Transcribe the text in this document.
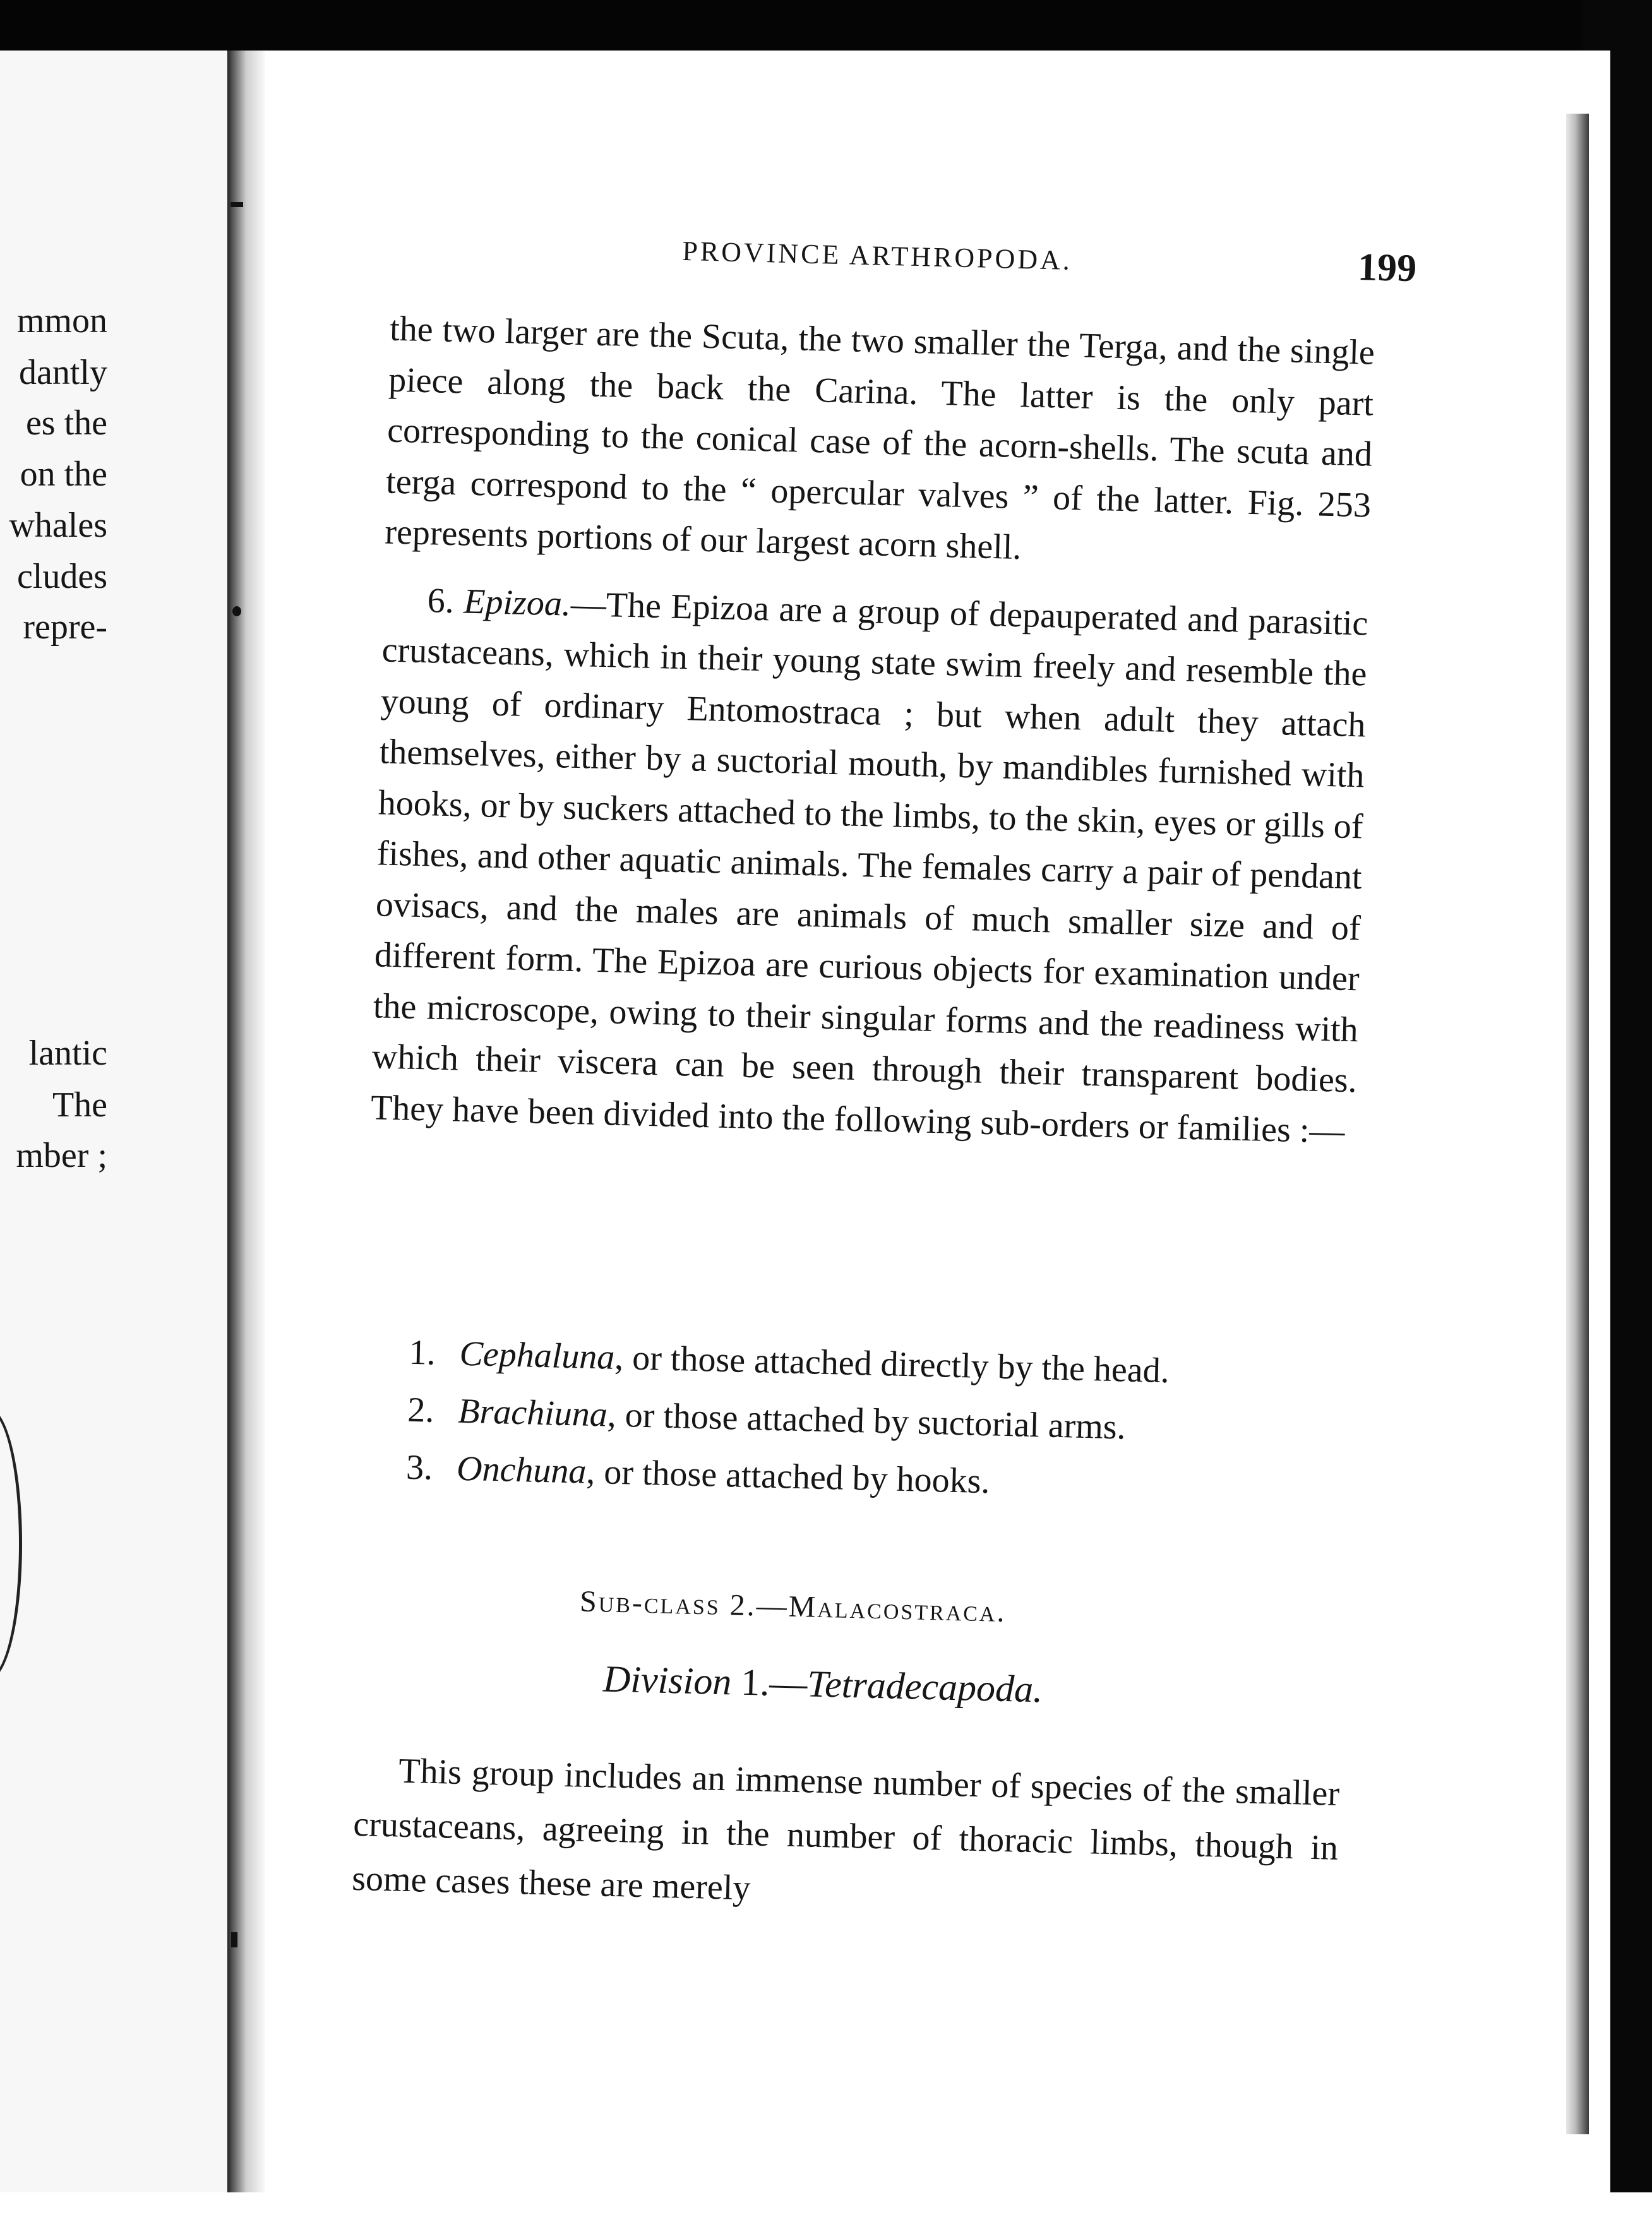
mmon
dantly
es the
on the
whales
cludes
repre-
lantic
The
mber ;
PROVINCE ARTHROPODA.	199

the two larger are the Scuta, the two smaller the Terga, and the single piece along the back the Carina. The latter is the only part corresponding to the conical case of the acorn-shells. The scuta and terga correspond to the “ opercular valves ” of the latter. Fig. 253 represents portions of our largest acorn shell.

6. Epizoa.—The Epizoa are a group of depauperated and parasitic crustaceans, which in their young state swim freely and resemble the young of ordinary Entomostraca ; but when adult they attach themselves, either by a suctorial mouth, by mandibles furnished with hooks, or by suckers attached to the limbs, to the skin, eyes or gills of fishes, and other aquatic animals. The females carry a pair of pendant ovisacs, and the males are animals of much smaller size and of different form. The Epizoa are curious objects for examination under the microscope, owing to their singular forms and the readiness with which their viscera can be seen through their transparent bodies. They have been divided into the following sub-orders or families :—

1. Cephaluna, or those attached directly by the head.
2. Brachiuna, or those attached by suctorial arms.
3. Onchuna, or those attached by hooks.
Sub-class 2.—Malacostraca.
Division 1.—Tetradecapoda.

This group includes an immense number of species of the smaller crustaceans, agreeing in the number of thoracic limbs, though in some cases these are merely
